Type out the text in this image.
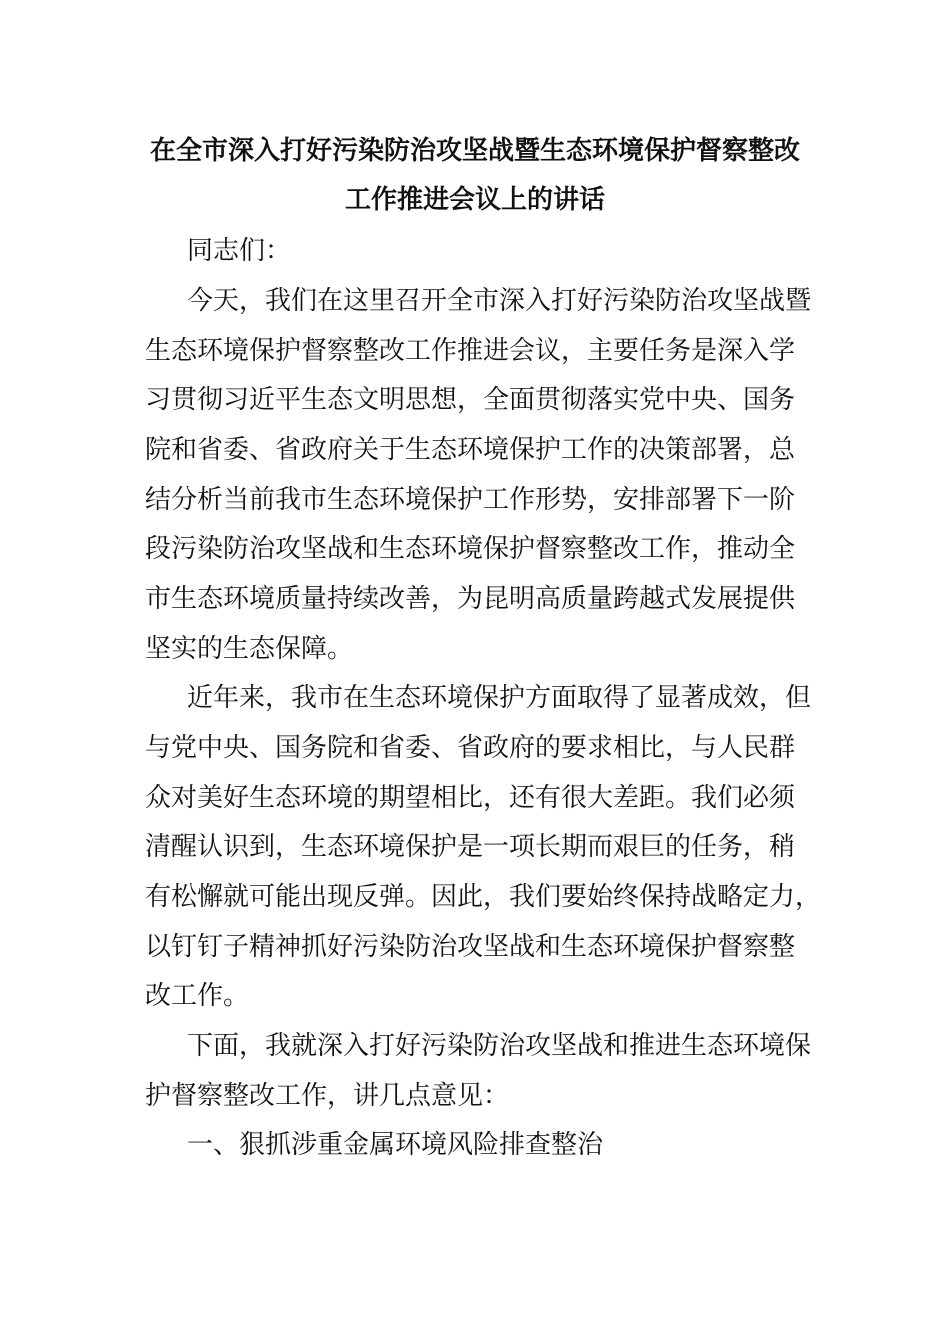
在全市深入打好污染防治攻坚战暨生态环境保护督察整改
工作推进会议上的讲话

同志们：

今天，我们在这里召开全市深入打好污染防治攻坚战暨

生态环境保护督察整改工作推进会议，主要任务是深入学

习贯彻习近平生态文明思想，全面贯彻落实党中央、国务

院和省委、省政府关于生态环境保护工作的决策部署，总

结分析当前我市生态环境保护工作形势，安排部署下一阶

段污染防治攻坚战和生态环境保护督察整改工作，推动全

市生态环境质量持续改善，为昆明高质量跨越式发展提供

坚实的生态保障。

近年来，我市在生态环境保护方面取得了显著成效，但

与党中央、国务院和省委、省政府的要求相比，与人民群

众对美好生态环境的期望相比，还有很大差距。我们必须

清醒认识到，生态环境保护是一项长期而艰巨的任务，稍

有松懈就可能出现反弹。因此，我们要始终保持战略定力，

以钉钉子精神抓好污染防治攻坚战和生态环境保护督察整

改工作。

下面，我就深入打好污染防治攻坚战和推进生态环境保

护督察整改工作，讲几点意见：

一、狠抓涉重金属环境风险排查整治
